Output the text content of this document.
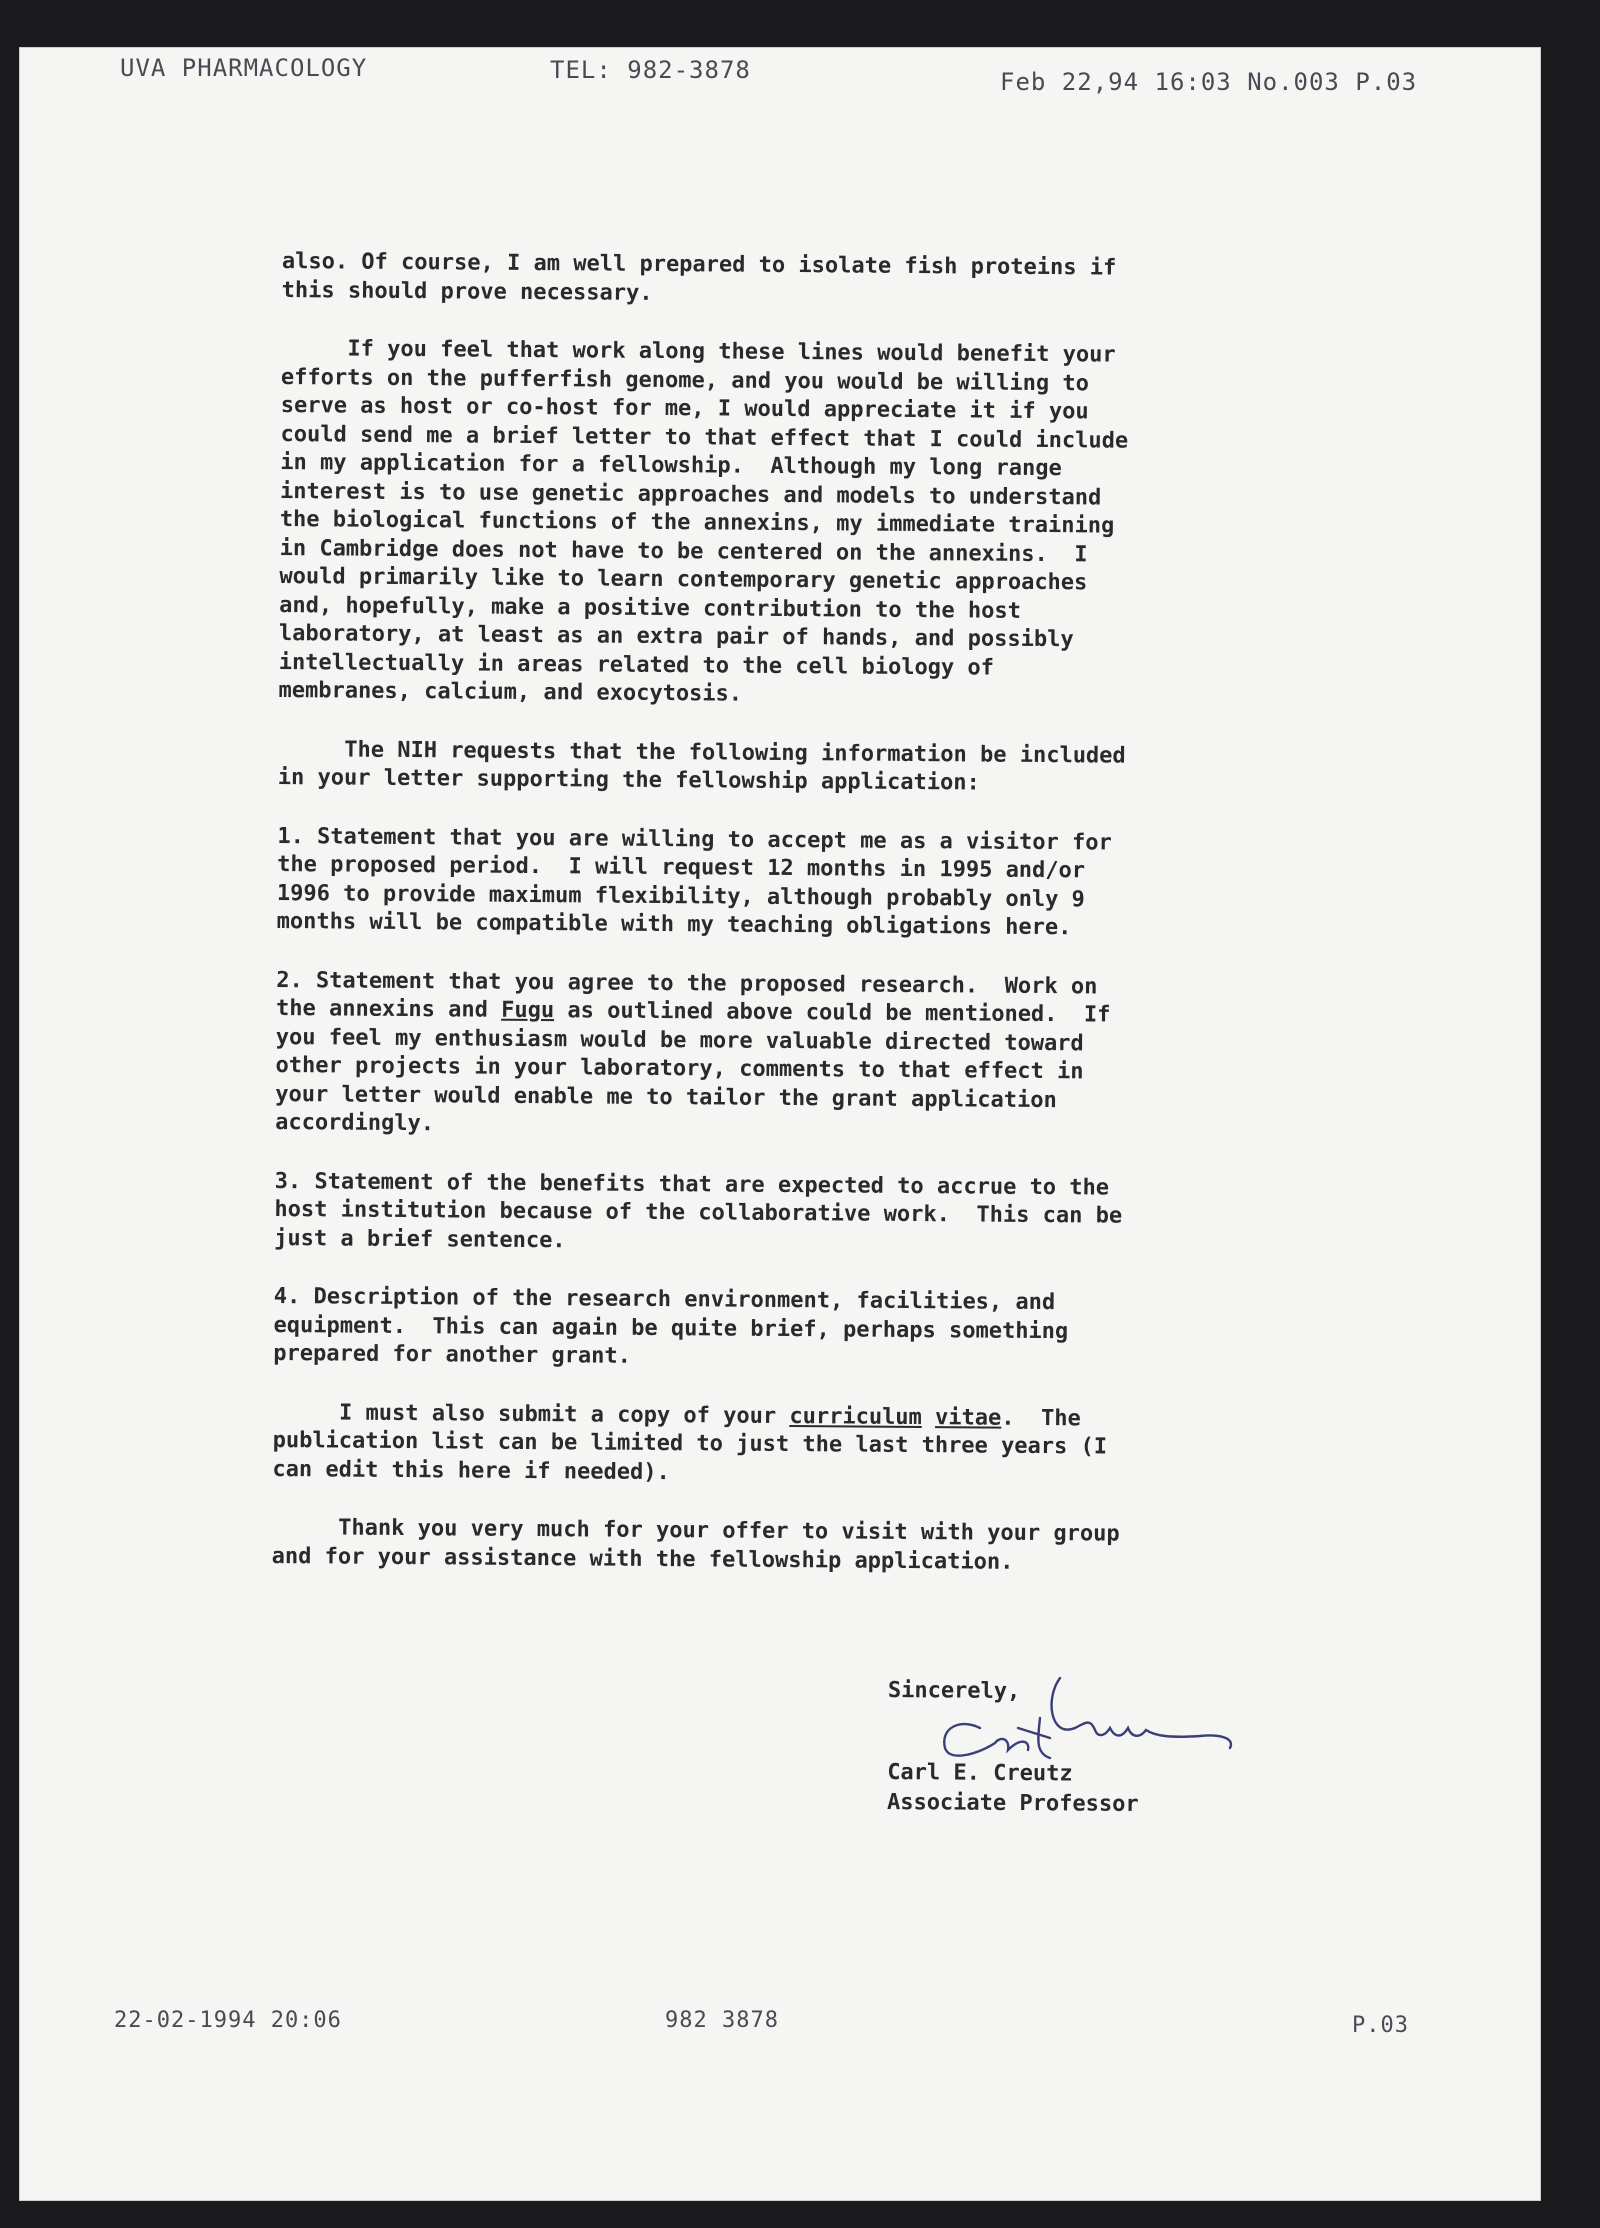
UVA PHARMACOLOGY	TEL: 982-3878	Feb 22,94 16:03 No.003 P.03

also. Of course, I am well prepared to isolate fish proteins if
this should prove necessary.

If you feel that work along these lines would benefit your
efforts on the pufferfish genome, and you would be willing to
serve as host or co-host for me, I would appreciate it if you
could send me a brief letter to that effect that I could include
in my application for a fellowship.  Although my long range
interest is to use genetic approaches and models to understand
the biological functions of the annexins, my immediate training
in Cambridge does not have to be centered on the annexins.  I
would primarily like to learn contemporary genetic approaches
and, hopefully, make a positive contribution to the host
laboratory, at least as an extra pair of hands, and possibly
intellectually in areas related to the cell biology of
membranes, calcium, and exocytosis.

The NIH requests that the following information be included
in your letter supporting the fellowship application:

1. Statement that you are willing to accept me as a visitor for
the proposed period.  I will request 12 months in 1995 and/or
1996 to provide maximum flexibility, although probably only 9
months will be compatible with my teaching obligations here.

2. Statement that you agree to the proposed research.  Work on
the annexins and Fugu as outlined above could be mentioned.  If
you feel my enthusiasm would be more valuable directed toward
other projects in your laboratory, comments to that effect in
your letter would enable me to tailor the grant application
accordingly.

3. Statement of the benefits that are expected to accrue to the
host institution because of the collaborative work.  This can be
just a brief sentence.

4. Description of the research environment, facilities, and
equipment.  This can again be quite brief, perhaps something
prepared for another grant.

I must also submit a copy of your curriculum vitae.  The
publication list can be limited to just the last three years (I
can edit this here if needed).

Thank you very much for your offer to visit with your group
and for your assistance with the fellowship application.

Sincerely,
Carl E. Creutz
Associate Professor
22-02-1994 20:06	982 3878	P.03
